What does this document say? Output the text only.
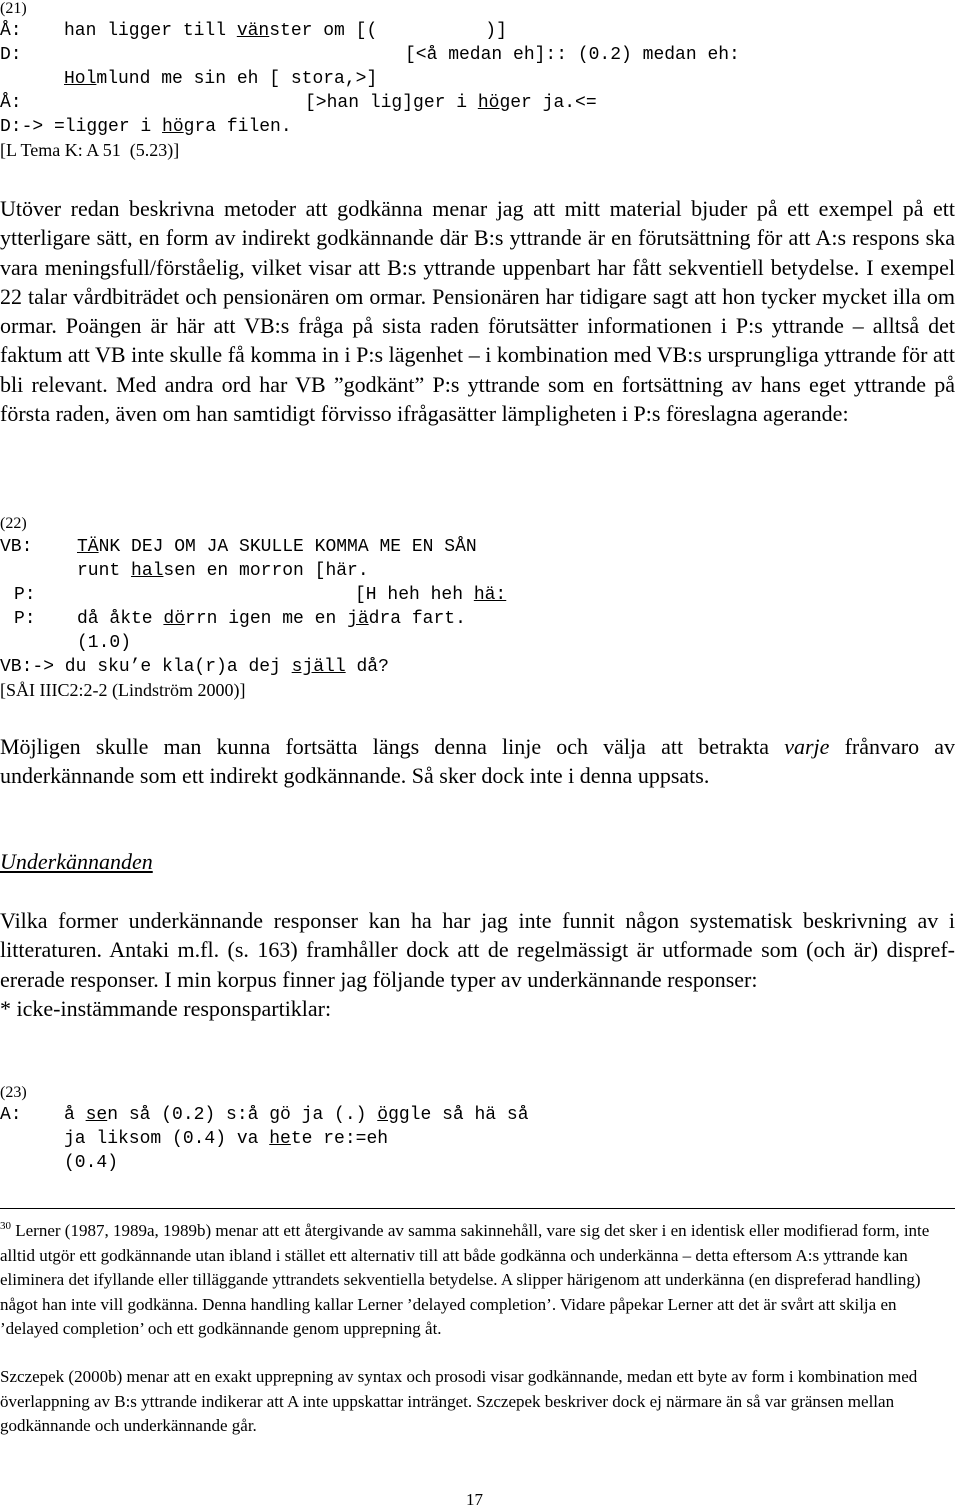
(21)
Å: han ligger till vänster om [(          )]
D:	[<å medan eh]:: (0.2) medan eh:
Holmlund me sin eh [ stora,>]
Å:	[>han lig]ger i höger ja.<=
D:-> =ligger i högra filen.
[L Tema K: A 51  (5.23)]
Utöver redan beskrivna metoder att godkänna menar jag att mitt material bjuder på ett exempel på ett ytterligare sätt, en form av indirekt godkännande där B:s yttrande är en förutsättning för att A:s respons ska vara meningsfull/förståelig, vilket visar att B:s yttrande uppenbart har fått sekventiell betydelse. I exempel 22 talar vårdbiträdet och pensionären om ormar. Pensionären har tidigare sagt att hon tycker mycket illa om ormar. Poängen är här att VB:s fråga på sista raden förutsätter informationen i P:s yttrande – alltså det faktum att VB inte skulle få komma in i P:s lägenhet – i kombination med VB:s ursprungliga yttrande för att bli relevant. Med andra ord har VB ”godkänt” P:s yttrande som en fortsättning av hans eget yttrande på första raden, även om han samtidigt förvisso ifrågasätter lämpligheten i P:s föreslagna agerande:
(22)
VB: TÄNK DEJ OM JA SKULLE KOMMA ME EN SÅN
runt halsen en morron [här.
P:	[H heh heh hä:
P: då åkte dörrn igen me en jädra fart.
(1.0)
VB:-> du sku’e kla(r)a dej själl då?
[SÅI IIIC2:2-2 (Lindström 2000)]
Möjligen skulle man kunna fortsätta längs denna linje och välja att betrakta varje frånvaro av underkännande som ett indirekt godkännande. Så sker dock inte i denna uppsats.
Underkännanden
Vilka former underkännande responser kan ha har jag inte funnit någon systematisk beskrivning av i litteraturen. Antaki m.fl. (s. 163) framhåller dock att de regelmässigt är utformade som (och är) disprefererade responser. I min korpus finner jag följande typer av underkännande responser:
* icke-instämmande responspartiklar:
(23)
A: å sen så (0.2) s:å gö ja (.) öggle så hä så
ja liksom (0.4) va hete re:=eh
(0.4)
$^{30}$ Lerner (1987, 1989a, 1989b) menar att ett återgivande av samma sakinnehåll, vare sig det sker i en identisk eller modifierad form, inte alltid utgör ett godkännande utan ibland i stället ett alternativ till att både godkänna och underkänna – detta eftersom A:s yttrande kan eliminera det ifyllande eller tilläggande yttrandets sekventiella betydelse. A slipper härigenom att underkänna (en dispreferad handling) något han inte vill godkänna. Denna handling kallar Lerner ’delayed completion’. Vidare påpekar Lerner att det är svårt att skilja en ’delayed completion’ och ett godkännande genom upprepning åt.
Szczepek (2000b) menar att en exakt upprepning av syntax och prosodi visar godkännande, medan ett byte av form i kombination med överlappning av B:s yttrande indikerar att A inte uppskattar intränget. Szczepek beskriver dock ej närmare än så var gränsen mellan godkännande och underkännande går.
17
